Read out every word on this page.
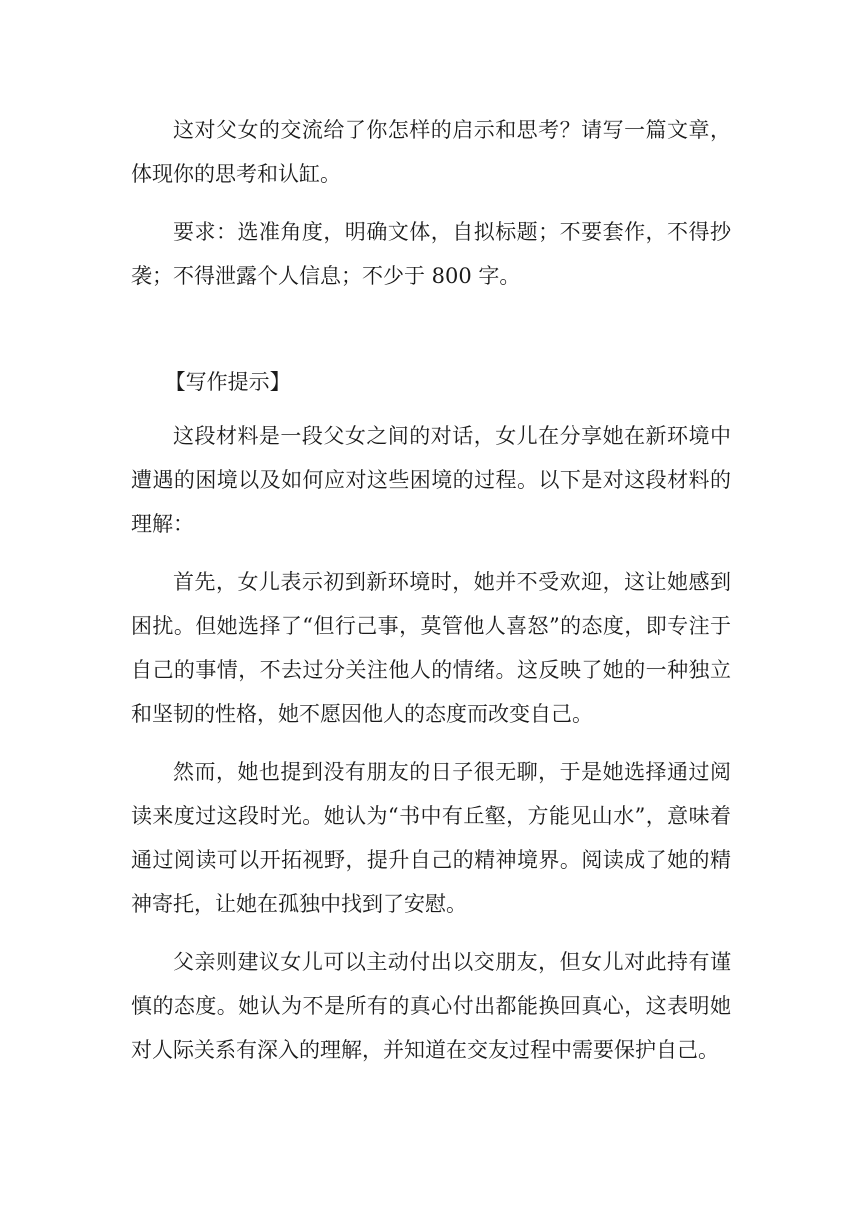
这对父女的交流给了你怎样的启示和思考？请写一篇文章，体现你的思考和认缸。

要求：选准角度，明确文体，自拟标题；不要套作，不得抄袭；不得泄露个人信息；不少于 800 字。

【写作提示】

这段材料是一段父女之间的对话，女儿在分享她在新环境中遭遇的困境以及如何应对这些困境的过程。以下是对这段材料的理解：

首先，女儿表示初到新环境时，她并不受欢迎，这让她感到困扰。但她选择了“但行己事，莫管他人喜怒”的态度，即专注于自己的事情，不去过分关注他人的情绪。这反映了她的一种独立和坚韧的性格，她不愿因他人的态度而改变自己。

然而，她也提到没有朋友的日子很无聊，于是她选择通过阅读来度过这段时光。她认为“书中有丘壑，方能见山水”，意味着通过阅读可以开拓视野，提升自己的精神境界。阅读成了她的精神寄托，让她在孤独中找到了安慰。

父亲则建议女儿可以主动付出以交朋友，但女儿对此持有谨慎的态度。她认为不是所有的真心付出都能换回真心，这表明她对人际关系有深入的理解，并知道在交友过程中需要保护自己。
